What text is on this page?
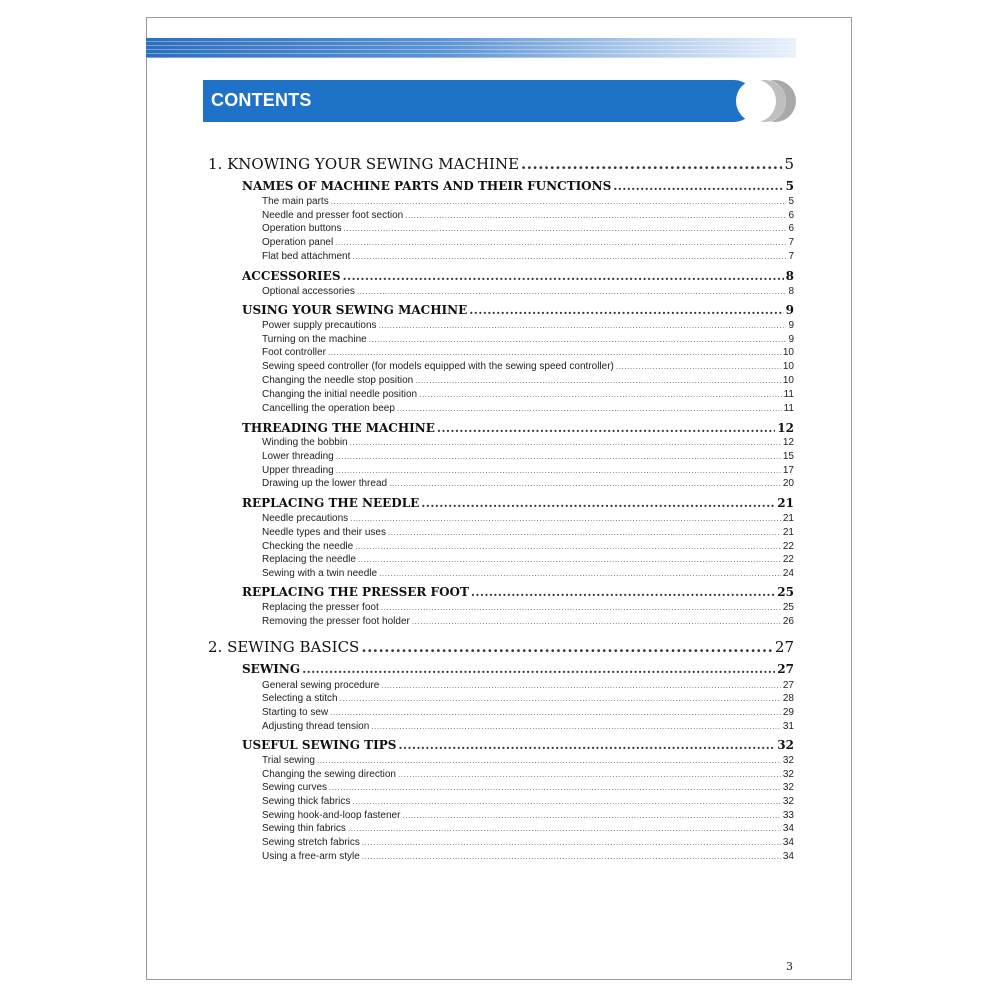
CONTENTS
1. KNOWING YOUR SEWING MACHINE .....	5
NAMES OF MACHINE PARTS AND THEIR FUNCTIONS .....	5
The main parts .....	5
Needle and presser foot section .....	6
Operation buttons .....	6
Operation panel .....	7
Flat bed attachment .....	7
ACCESSORIES .....	8
Optional accessories .....	8
USING YOUR SEWING MACHINE .....	9
Power supply precautions .....	9
Turning on the machine .....	9
Foot controller .....	10
Sewing speed controller (for models equipped with the sewing speed controller) .....	10
Changing the needle stop position .....	10
Changing the initial needle position .....	11
Cancelling the operation beep .....	11
THREADING THE MACHINE .....	12
Winding the bobbin .....	12
Lower threading .....	15
Upper threading .....	17
Drawing up the lower thread .....	20
REPLACING THE NEEDLE .....	21
Needle precautions .....	21
Needle types and their uses .....	21
Checking the needle .....	22
Replacing the needle .....	22
Sewing with a twin needle .....	24
REPLACING THE PRESSER FOOT .....	25
Replacing the presser foot .....	25
Removing the presser foot holder .....	26
2. SEWING BASICS .....	27
SEWING .....	27
General sewing procedure .....	27
Selecting a stitch .....	28
Starting to sew .....	29
Adjusting thread tension .....	31
USEFUL SEWING TIPS .....	32
Trial sewing .....	32
Changing the sewing direction .....	32
Sewing curves .....	32
Sewing thick fabrics .....	32
Sewing hook-and-loop fastener .....	33
Sewing thin fabrics .....	34
Sewing stretch fabrics .....	34
Using a free-arm style .....	34
3
